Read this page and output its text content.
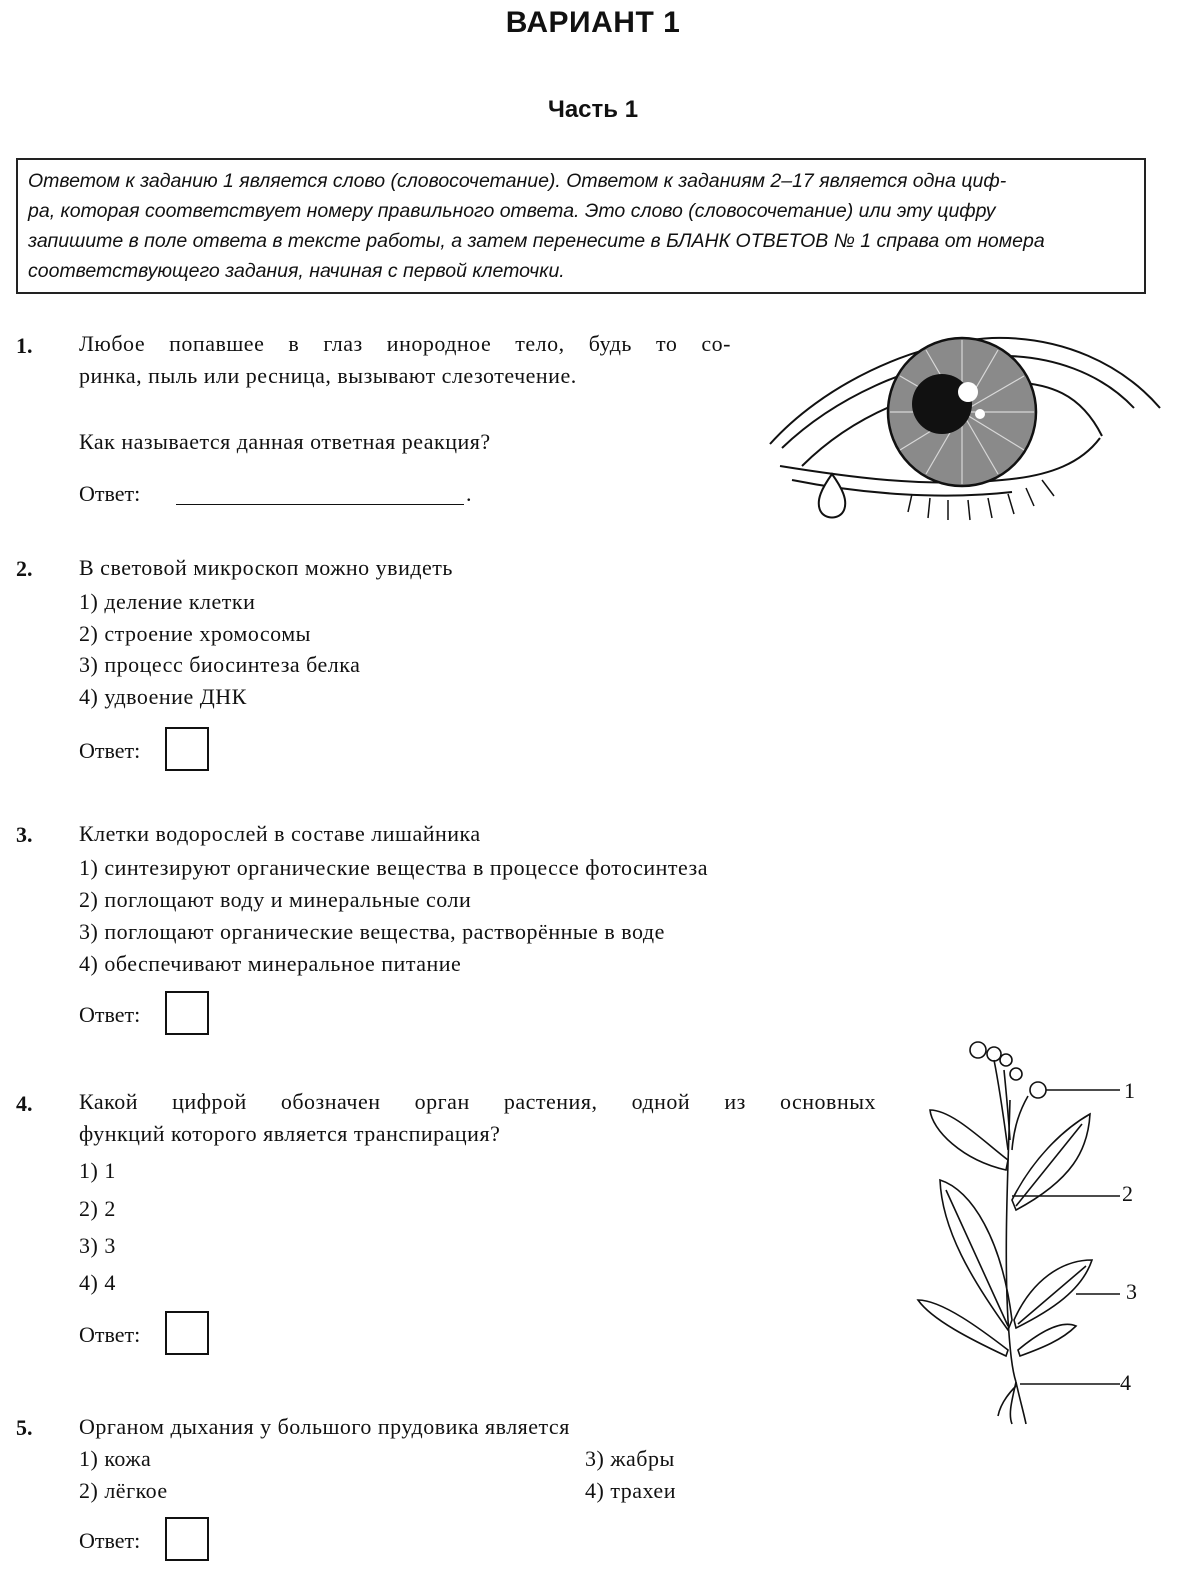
ВАРИАНТ 1
Часть 1
Ответом к заданию 1 является слово (словосочетание). Ответом к заданиям 2–17 является одна циф-
ра, которая соответствует номеру правильного ответа. Это слово (словосочетание) или эту цифру
запишите в поле ответа в тексте работы, а затем перенесите в БЛАНК ОТВЕТОВ № 1 справа от номера
соответствующего задания, начиная с первой клеточки.
1. Любое попавшее в глаз инородное тело, будь то со-
ринка, пыль или ресница, вызывают слезотечение.
Как называется данная ответная реакция?
Ответ:	.
2. В световой микроскоп можно увидеть
1) деление клетки
2) строение хромосомы
3) процесс биосинтеза белка
4) удвоение ДНК
Ответ:
3. Клетки водорослей в составе лишайника
1) синтезируют органические вещества в процессе фотосинтеза
2) поглощают воду и минеральные соли
3) поглощают органические вещества, растворённые в воде
4) обеспечивают минеральное питание
Ответ:
4. Какой цифрой обозначен орган растения, одной из основных
функций которого является транспирация?
1) 1
2) 2
3) 3
4) 4
Ответ:
1
2
3
4
5. Органом дыхания у большого прудовика является
1) кожа
2) лёгкое
3) жабры
4) трахеи
Ответ:
